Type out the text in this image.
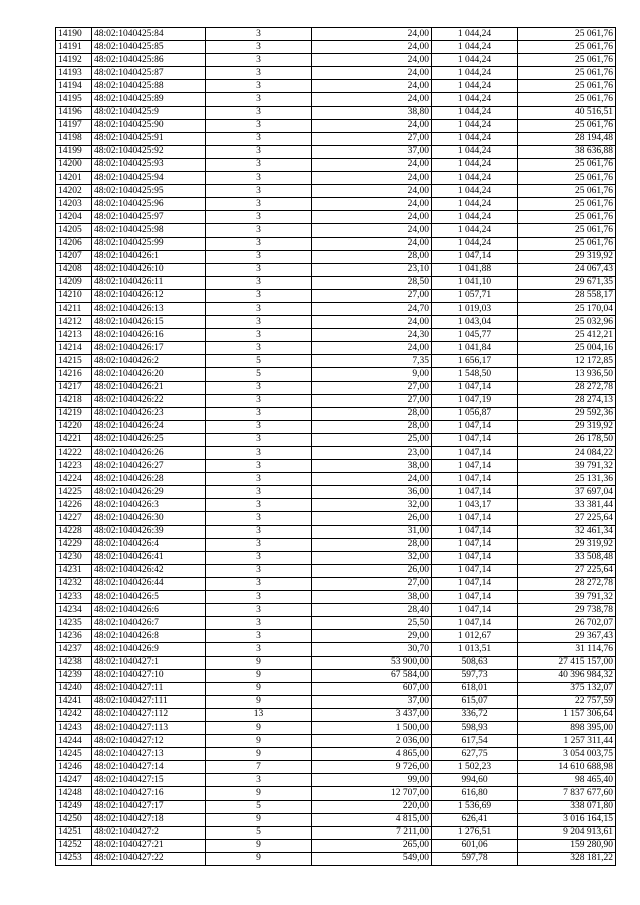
14190	48:02:1040425:84	3	24,00	1 044,24	25 061,76
14191	48:02:1040425:85	3	24,00	1 044,24	25 061,76
14192	48:02:1040425:86	3	24,00	1 044,24	25 061,76
14193	48:02:1040425:87	3	24,00	1 044,24	25 061,76
14194	48:02:1040425:88	3	24,00	1 044,24	25 061,76
14195	48:02:1040425:89	3	24,00	1 044,24	25 061,76
14196	48:02:1040425:9	3	38,80	1 044,24	40 516,51
14197	48:02:1040425:90	3	24,00	1 044,24	25 061,76
14198	48:02:1040425:91	3	27,00	1 044,24	28 194,48
14199	48:02:1040425:92	3	37,00	1 044,24	38 636,88
14200	48:02:1040425:93	3	24,00	1 044,24	25 061,76
14201	48:02:1040425:94	3	24,00	1 044,24	25 061,76
14202	48:02:1040425:95	3	24,00	1 044,24	25 061,76
14203	48:02:1040425:96	3	24,00	1 044,24	25 061,76
14204	48:02:1040425:97	3	24,00	1 044,24	25 061,76
14205	48:02:1040425:98	3	24,00	1 044,24	25 061,76
14206	48:02:1040425:99	3	24,00	1 044,24	25 061,76
14207	48:02:1040426:1	3	28,00	1 047,14	29 319,92
14208	48:02:1040426:10	3	23,10	1 041,88	24 067,43
14209	48:02:1040426:11	3	28,50	1 041,10	29 671,35
14210	48:02:1040426:12	3	27,00	1 057,71	28 558,17
14211	48:02:1040426:13	3	24,70	1 019,03	25 170,04
14212	48:02:1040426:15	3	24,00	1 043,04	25 032,96
14213	48:02:1040426:16	3	24,30	1 045,77	25 412,21
14214	48:02:1040426:17	3	24,00	1 041,84	25 004,16
14215	48:02:1040426:2	5	7,35	1 656,17	12 172,85
14216	48:02:1040426:20	5	9,00	1 548,50	13 936,50
14217	48:02:1040426:21	3	27,00	1 047,14	28 272,78
14218	48:02:1040426:22	3	27,00	1 047,19	28 274,13
14219	48:02:1040426:23	3	28,00	1 056,87	29 592,36
14220	48:02:1040426:24	3	28,00	1 047,14	29 319,92
14221	48:02:1040426:25	3	25,00	1 047,14	26 178,50
14222	48:02:1040426:26	3	23,00	1 047,14	24 084,22
14223	48:02:1040426:27	3	38,00	1 047,14	39 791,32
14224	48:02:1040426:28	3	24,00	1 047,14	25 131,36
14225	48:02:1040426:29	3	36,00	1 047,14	37 697,04
14226	48:02:1040426:3	3	32,00	1 043,17	33 381,44
14227	48:02:1040426:30	3	26,00	1 047,14	27 225,64
14228	48:02:1040426:39	3	31,00	1 047,14	32 461,34
14229	48:02:1040426:4	3	28,00	1 047,14	29 319,92
14230	48:02:1040426:41	3	32,00	1 047,14	33 508,48
14231	48:02:1040426:42	3	26,00	1 047,14	27 225,64
14232	48:02:1040426:44	3	27,00	1 047,14	28 272,78
14233	48:02:1040426:5	3	38,00	1 047,14	39 791,32
14234	48:02:1040426:6	3	28,40	1 047,14	29 738,78
14235	48:02:1040426:7	3	25,50	1 047,14	26 702,07
14236	48:02:1040426:8	3	29,00	1 012,67	29 367,43
14237	48:02:1040426:9	3	30,70	1 013,51	31 114,76
14238	48:02:1040427:1	9	53 900,00	508,63	27 415 157,00
14239	48:02:1040427:10	9	67 584,00	597,73	40 396 984,32
14240	48:02:1040427:11	9	607,00	618,01	375 132,07
14241	48:02:1040427:111	9	37,00	615,07	22 757,59
14242	48:02:1040427:112	13	3 437,00	336,72	1 157 306,64
14243	48:02:1040427:113	9	1 500,00	598,93	898 395,00
14244	48:02:1040427:12	9	2 036,00	617,54	1 257 311,44
14245	48:02:1040427:13	9	4 865,00	627,75	3 054 003,75
14246	48:02:1040427:14	7	9 726,00	1 502,23	14 610 688,98
14247	48:02:1040427:15	3	99,00	994,60	98 465,40
14248	48:02:1040427:16	9	12 707,00	616,80	7 837 677,60
14249	48:02:1040427:17	5	220,00	1 536,69	338 071,80
14250	48:02:1040427:18	9	4 815,00	626,41	3 016 164,15
14251	48:02:1040427:2	5	7 211,00	1 276,51	9 204 913,61
14252	48:02:1040427:21	9	265,00	601,06	159 280,90
14253	48:02:1040427:22	9	549,00	597,78	328 181,22
